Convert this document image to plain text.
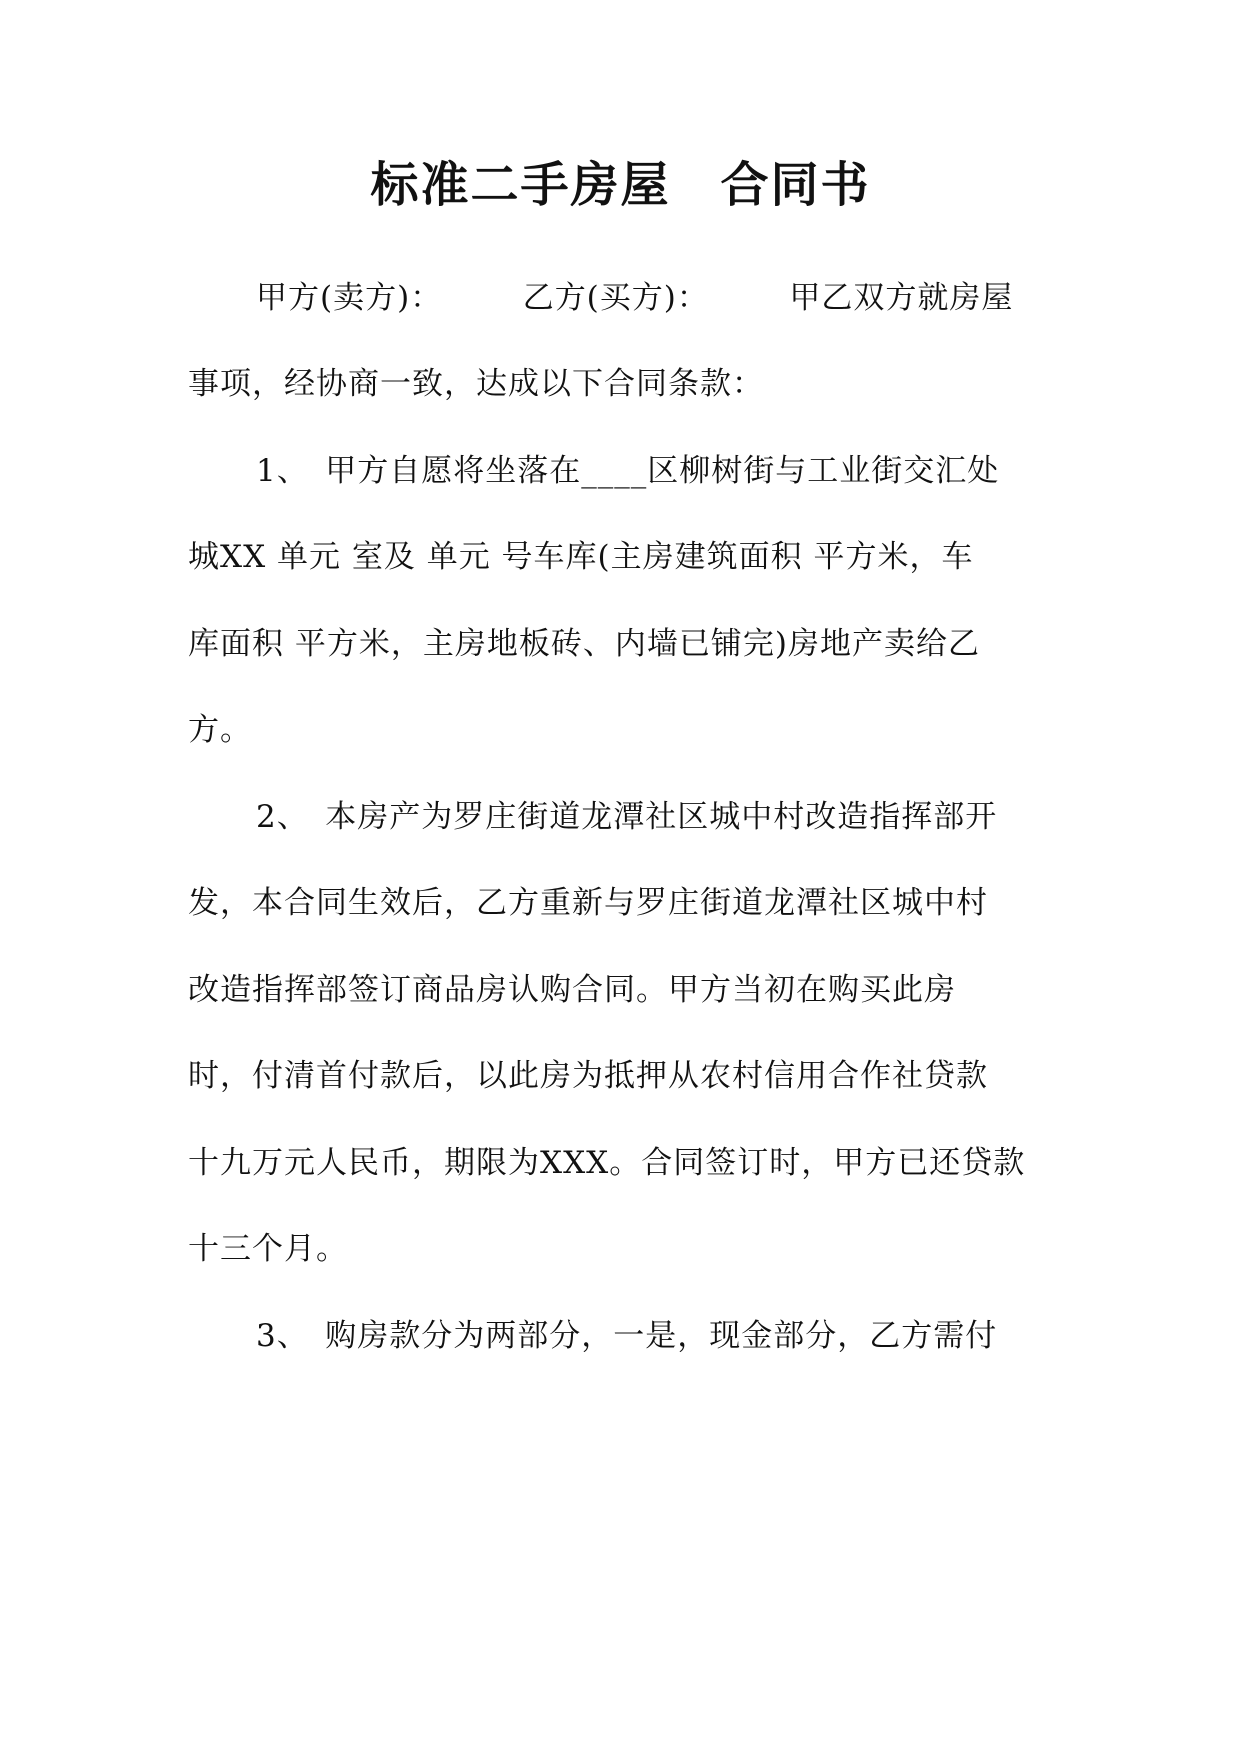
标准二手房屋　合同书
甲方(卖方)：　　　乙方(买方)：　　　甲乙双方就房屋
事项，经协商一致，达成以下合同条款：
1、　甲方自愿将坐落在____区柳树街与工业街交汇处
城XX 单元 室及 单元 号车库(主房建筑面积 平方米，车
库面积 平方米，主房地板砖、内墙已铺完)房地产卖给乙
方。
2、　本房产为罗庄街道龙潭社区城中村改造指挥部开
发，本合同生效后，乙方重新与罗庄街道龙潭社区城中村
改造指挥部签订商品房认购合同。甲方当初在购买此房
时，付清首付款后，以此房为抵押从农村信用合作社贷款
十九万元人民币，期限为XXX。合同签订时，甲方已还贷款
十三个月。
3、　购房款分为两部分，一是，现金部分，乙方需付
